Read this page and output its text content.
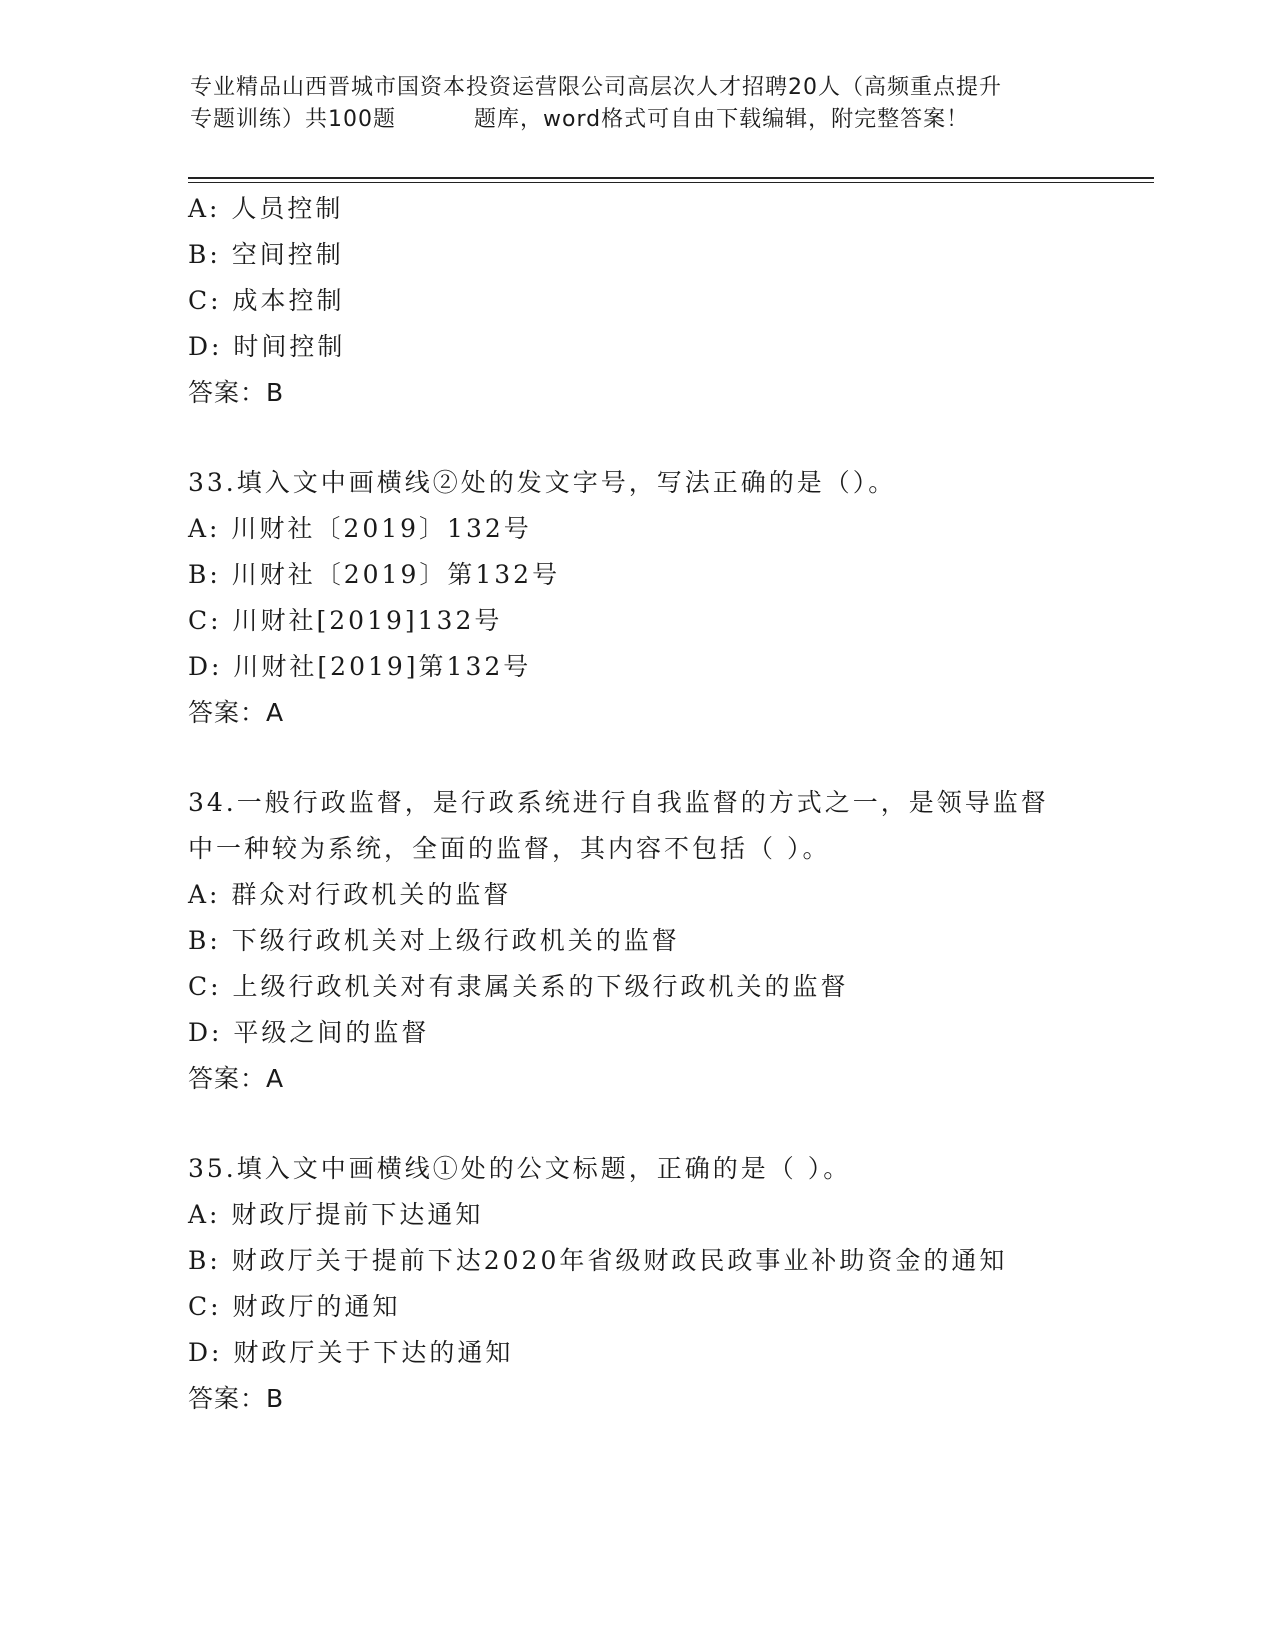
专业精品山西晋城市国资本投资运营限公司高层次人才招聘20人（高频重点提升
专题训练）共100题	题库，word格式可自由下载编辑，附完整答案！
A: 人员控制
B: 空间控制
C: 成本控制
D: 时间控制
答案：B
33.填入文中画横线②处的发文字号，写法正确的是（）。
A: 川财社〔2019〕132号
B: 川财社〔2019〕第132号
C: 川财社[2019]132号
D: 川财社[2019]第132号
答案：A
34.一般行政监督，是行政系统进行自我监督的方式之一，是领导监督
中一种较为系统，全面的监督，其内容不包括（ ）。
A: 群众对行政机关的监督
B: 下级行政机关对上级行政机关的监督
C: 上级行政机关对有隶属关系的下级行政机关的监督
D: 平级之间的监督
答案：A
35.填入文中画横线①处的公文标题，正确的是（ ）。
A: 财政厅提前下达通知
B: 财政厅关于提前下达2020年省级财政民政事业补助资金的通知
C: 财政厅的通知
D: 财政厅关于下达的通知
答案：B
